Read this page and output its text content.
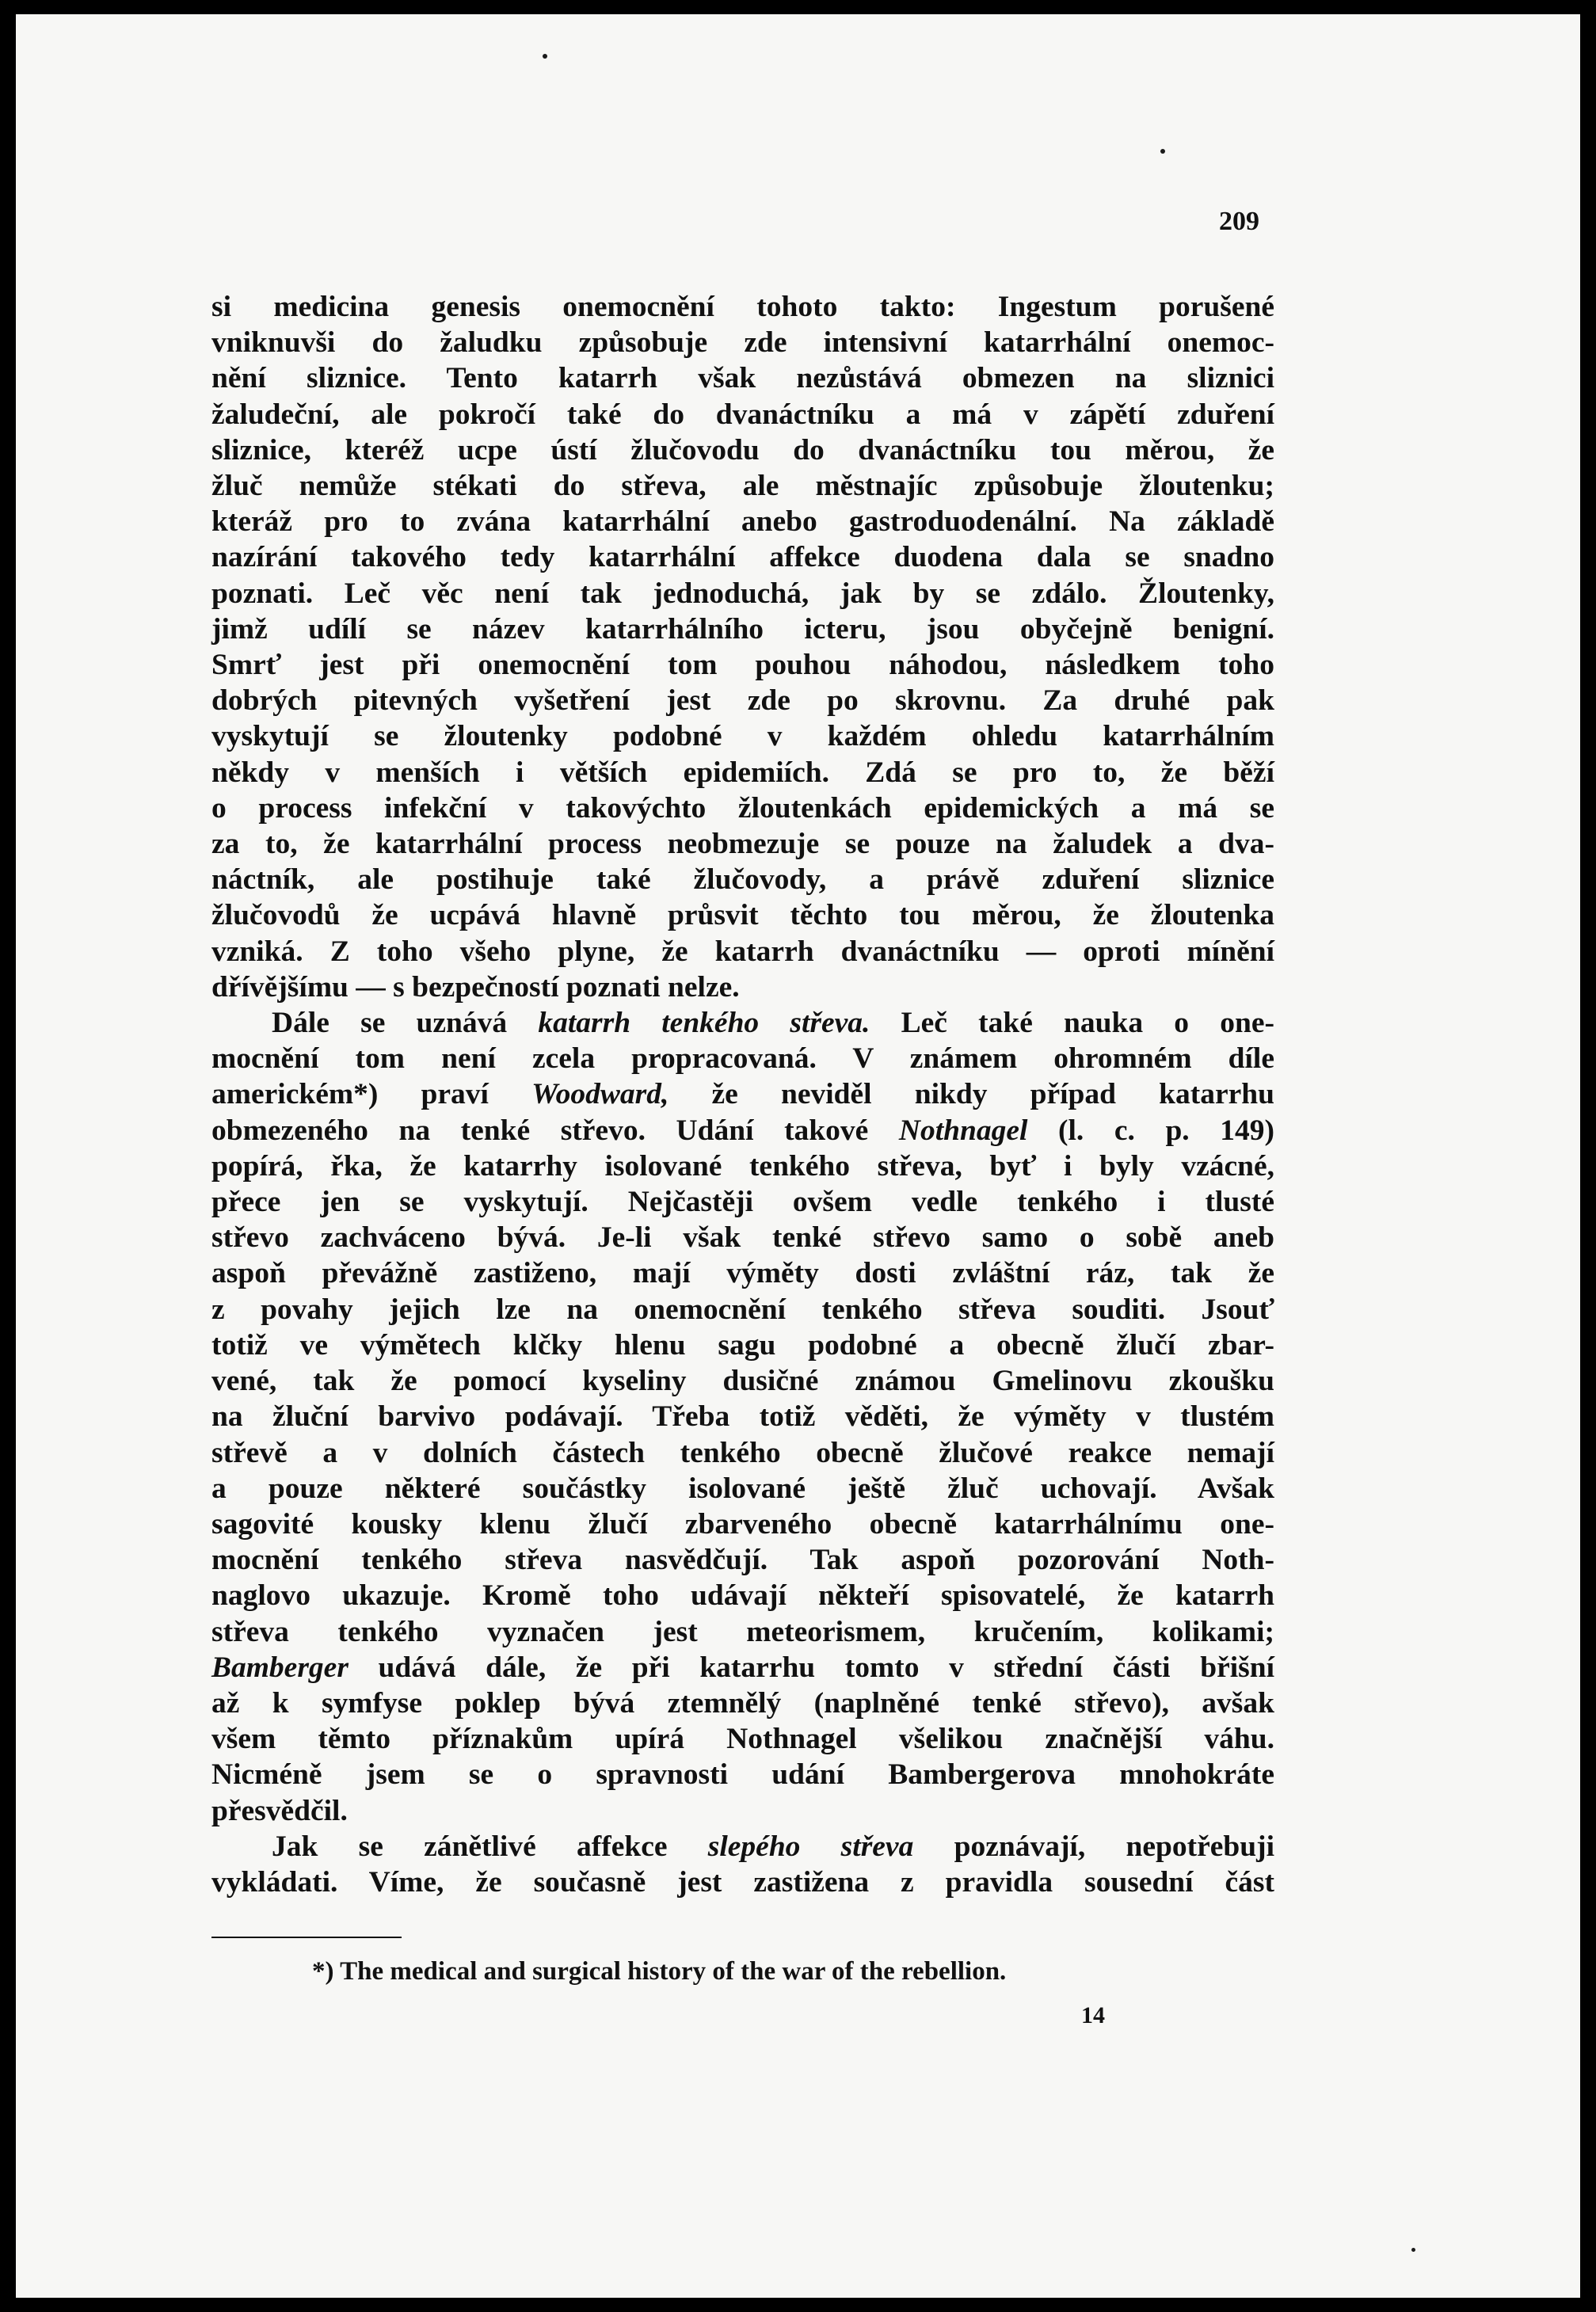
209
si medicina genesis onemocnění tohoto takto: Ingestum porušené
vniknuvši do žaludku způsobuje zde intensivní katarrhální onemoc-
nění sliznice. Tento katarrh však nezůstává obmezen na sliznici
žaludeční, ale pokročí také do dvanáctníku a má v zápětí zduření
sliznice, kteréž ucpe ústí žlučovodu do dvanáctníku tou měrou, že
žluč nemůže stékati do střeva, ale městnajíc způsobuje žloutenku;
kteráž pro to zvána katarrhální anebo gastroduodenální. Na základě
nazírání takového tedy katarrhální affekce duodena dala se snadno
poznati. Leč věc není tak jednoduchá, jak by se zdálo. Žloutenky,
jimž udílí se název katarrhálního icteru, jsou obyčejně benigní.
Smrť jest při onemocnění tom pouhou náhodou, následkem toho
dobrých pitevných vyšetření jest zde po skrovnu. Za druhé pak
vyskytují se žloutenky podobné v každém ohledu katarrhálním
někdy v menších i větších epidemiích. Zdá se pro to, že běží
o process infekční v takovýchto žloutenkách epidemických a má se
za to, že katarrhální process neobmezuje se pouze na žaludek a dva-
náctník, ale postihuje také žlučovody, a právě zduření sliznice
žlučovodů že ucpává hlavně průsvit těchto tou měrou, že žloutenka
vzniká. Z toho všeho plyne, že katarrh dvanáctníku — oproti mínění
dřívějšímu — s bezpečností poznati nelze.
Dále se uznává katarrh tenkého střeva. Leč také nauka o one-
mocnění tom není zcela propracovaná. V známem ohromném díle
americkém*) praví Woodward, že neviděl nikdy případ katarrhu
obmezeného na tenké střevo. Udání takové Nothnagel (l. c. p. 149)
popírá, řka, že katarrhy isolované tenkého střeva, byť i byly vzácné,
přece jen se vyskytují. Nejčastěji ovšem vedle tenkého i tlusté
střevo zachváceno bývá. Je-li však tenké střevo samo o sobě aneb
aspoň převážně zastiženo, mají výměty dosti zvláštní ráz, tak že
z povahy jejich lze na onemocnění tenkého střeva souditi. Jsouť
totiž ve výmětech klčky hlenu sagu podobné a obecně žlučí zbar-
vené, tak že pomocí kyseliny dusičné známou Gmelinovu zkoušku
na žluční barvivo podávají. Třeba totiž věděti, že výměty v tlustém
střevě a v dolních částech tenkého obecně žlučové reakce nemají
a pouze některé součástky isolované ještě žluč uchovají. Avšak
sagovité kousky klenu žlučí zbarveného obecně katarrhálnímu one-
mocnění tenkého střeva nasvědčují. Tak aspoň pozorování Noth-
naglovo ukazuje. Kromě toho udávají někteří spisovatelé, že katarrh
střeva tenkého vyznačen jest meteorismem, kručením, kolikami;
Bamberger udává dále, že při katarrhu tomto v střední části břišní
až k symfyse poklep bývá ztemnělý (naplněné tenké střevo), avšak
všem těmto příznakům upírá Nothnagel všelikou značnější váhu.
Nicméně jsem se o spravnosti udání Bambergerova mnohokráte
přesvědčil.
Jak se zánětlivé affekce slepého střeva poznávají, nepotřebuji
vykládati. Víme, že současně jest zastižena z pravidla sousední část
*) The medical and surgical history of the war of the rebellion.
14
